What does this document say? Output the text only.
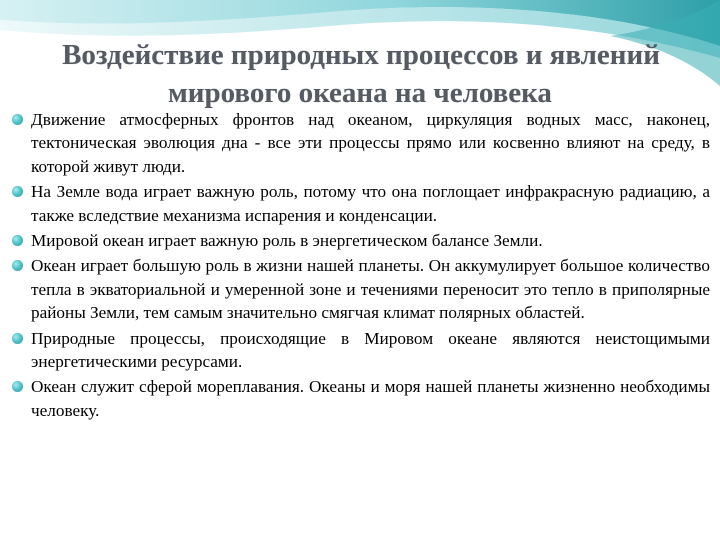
Воздействие природных процессов и явлений
мирового океана на человека
Движение атмосферных фронтов над океаном, циркуляция водных масс, наконец, тектоническая эволюция дна - все эти процессы прямо или косвенно влияют на среду, в которой живут люди.
На Земле вода играет важную роль, потому что она поглощает инфракрасную радиацию, а также вследствие механизма испарения и конденсации.
Мировой океан играет важную роль в энергетическом балансе Земли.
Океан играет большую роль в жизни нашей планеты. Он аккумулирует большое количество тепла в экваториальной и умеренной зоне и течениями переносит это тепло в приполярные районы Земли, тем самым значительно смягчая климат полярных областей.
Природные процессы, происходящие в Мировом океане являются неистощимыми энергетическими ресурсами.
Океан служит сферой мореплавания. Океаны и моря нашей планеты жизненно необходимы человеку.
